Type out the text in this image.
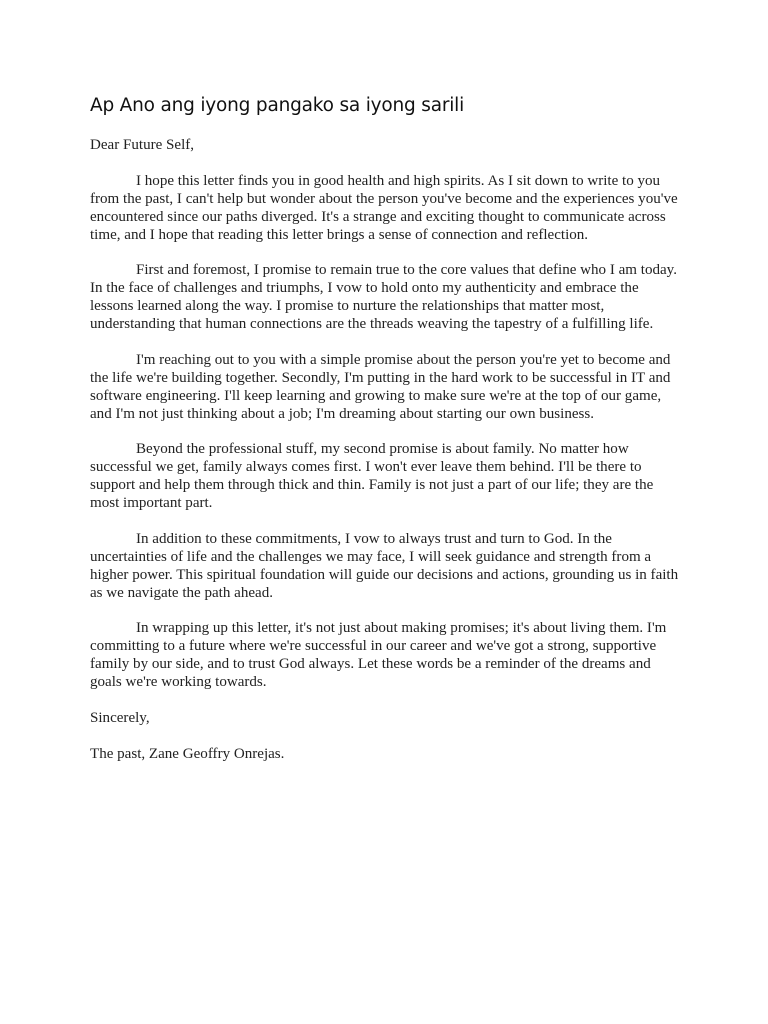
Ap Ano ang iyong pangako sa iyong sarili

Dear Future Self,

I hope this letter finds you in good health and high spirits. As I sit down to write to you from the past, I can't help but wonder about the person you've become and the experiences you've encountered since our paths diverged. It's a strange and exciting thought to communicate across time, and I hope that reading this letter brings a sense of connection and reflection.

First and foremost, I promise to remain true to the core values that define who I am today. In the face of challenges and triumphs, I vow to hold onto my authenticity and embrace the lessons learned along the way. I promise to nurture the relationships that matter most, understanding that human connections are the threads weaving the tapestry of a fulfilling life.

I'm reaching out to you with a simple promise about the person you're yet to become and the life we're building together. Secondly, I'm putting in the hard work to be successful in IT and software engineering. I'll keep learning and growing to make sure we're at the top of our game, and I'm not just thinking about a job; I'm dreaming about starting our own business.

Beyond the professional stuff, my second promise is about family. No matter how successful we get, family always comes first. I won't ever leave them behind. I'll be there to support and help them through thick and thin. Family is not just a part of our life; they are the most important part.

In addition to these commitments, I vow to always trust and turn to God. In the uncertainties of life and the challenges we may face, I will seek guidance and strength from a higher power. This spiritual foundation will guide our decisions and actions, grounding us in faith as we navigate the path ahead.

In wrapping up this letter, it's not just about making promises; it's about living them. I'm committing to a future where we're successful in our career and we've got a strong, supportive family by our side, and to trust God always. Let these words be a reminder of the dreams and goals we're working towards.

Sincerely,

The past, Zane Geoffry Onrejas.
